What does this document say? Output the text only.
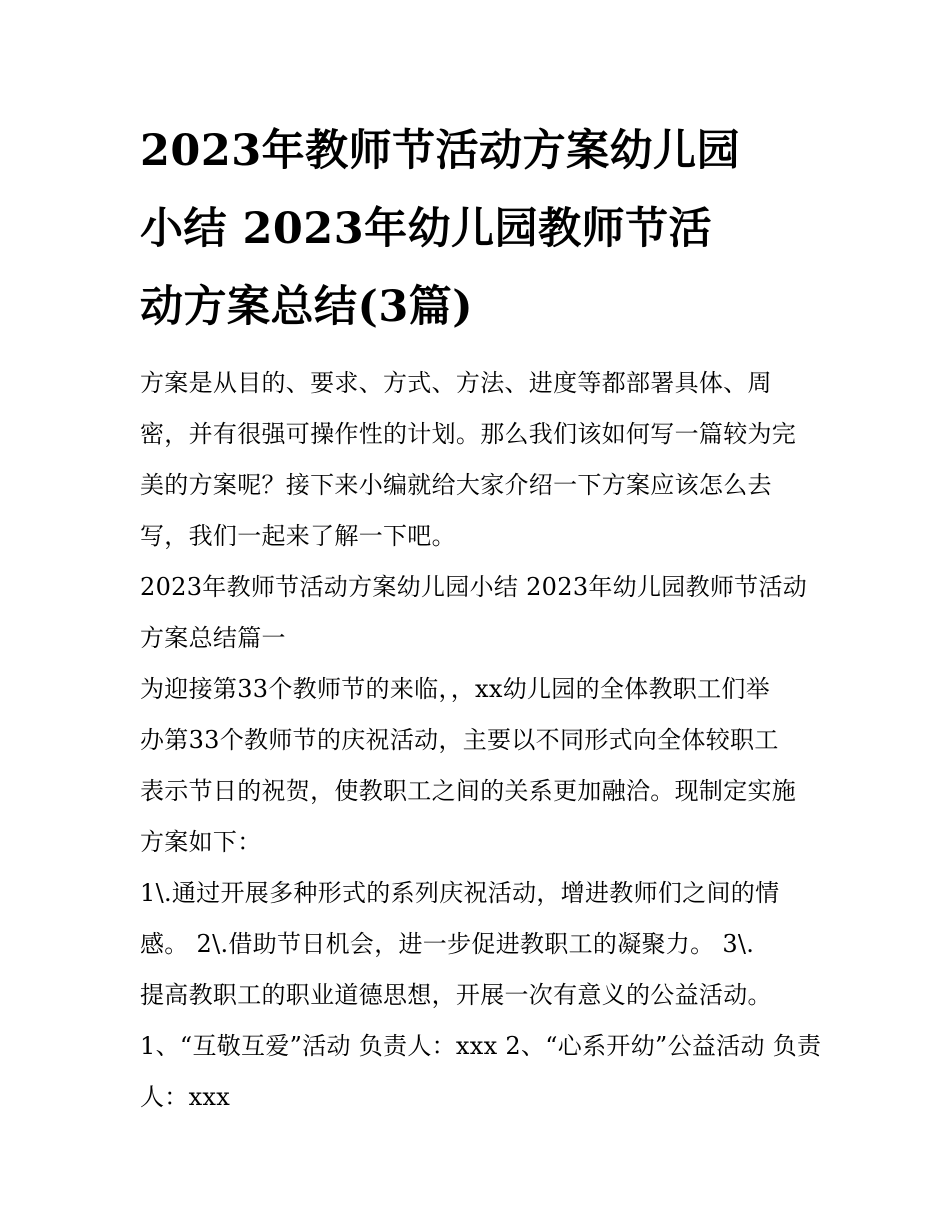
2023年教师节活动方案幼儿园
小结 2023年幼儿园教师节活
动方案总结(3篇)
方案是从目的、要求、方式、方法、进度等都部署具体、周
密，并有很强可操作性的计划。那么我们该如何写一篇较为完
美的方案呢？接下来小编就给大家介绍一下方案应该怎么去
写，我们一起来了解一下吧。
2023年教师节活动方案幼儿园小结 2023年幼儿园教师节活动
方案总结篇一
为迎接第33个教师节的来临，，xx幼儿园的全体教职工们举
办第33个教师节的庆祝活动，主要以不同形式向全体较职工
表示节日的祝贺，使教职工之间的关系更加融洽。现制定实施
方案如下：
1\.通过开展多种形式的系列庆祝活动，增进教师们之间的情
感。 2\.借助节日机会，进一步促进教职工的凝聚力。 3\.
提高教职工的职业道德思想，开展一次有意义的公益活动。
1、“互敬互爱”活动 负责人：xxx 2、“心系开幼”公益活动 负责
人：xxx
